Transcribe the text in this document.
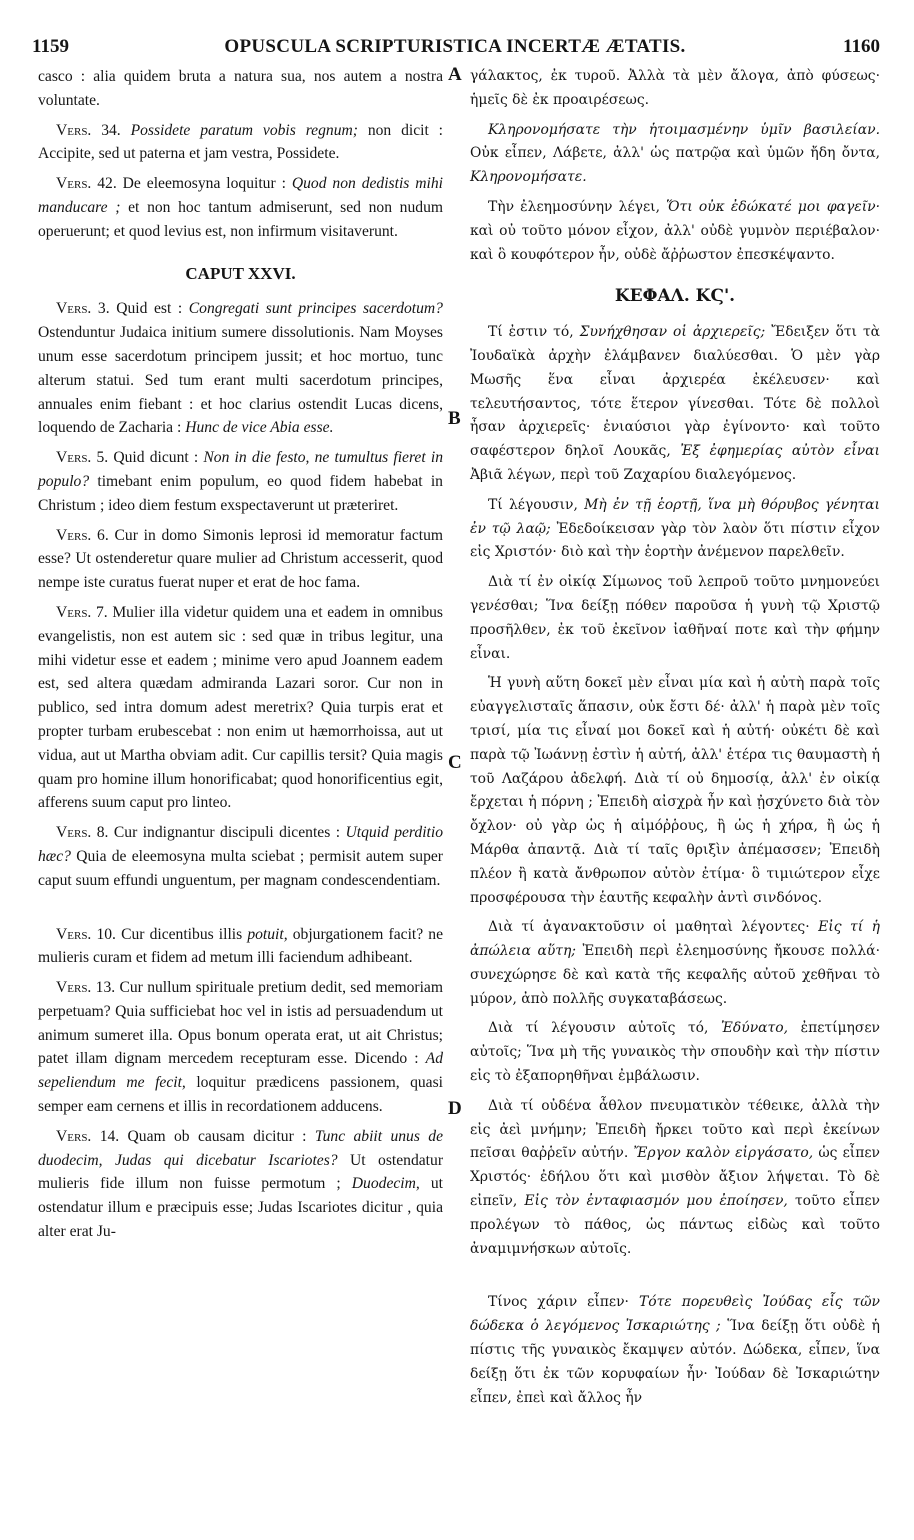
1159	OPUSCULA SCRIPTURISTICA INCERTÆ ÆTATIS.	1160
A
B
C
D

casco : alia quidem bruta a natura sua, nos autem a nostra voluntate.

Vers. 34. Possidete paratum vobis regnum; non dicit : Accipite, sed ut paterna et jam vestra, Possidete.

Vers. 42. De eleemosyna loquitur : Quod non dedistis mihi manducare ; et non hoc tantum admiserunt, sed non nudum operuerunt; et quod levius est, non infirmum visitaverunt.

CAPUT XXVI.

Vers. 3. Quid est : Congregati sunt principes sacerdotum? Ostenduntur Judaica initium sumere dissolutionis. Nam Moyses unum esse sacerdotum principem jussit; et hoc mortuo, tunc alterum statui. Sed tum erant multi sacerdotum principes, annuales enim fiebant : et hoc clarius ostendit Lucas dicens, loquendo de Zacharia : Hunc de vice Abia esse.

Vers. 5. Quid dicunt : Non in die festo, ne tumultus fieret in populo? timebant enim populum, eo quod fidem habebat in Christum ; ideo diem festum exspectaverunt ut præteriret.

Vers. 6. Cur in domo Simonis leprosi id memoratur factum esse? Ut ostenderetur quare mulier ad Christum accesserit, quod nempe iste curatus fuerat nuper et erat de hoc fama.

Vers. 7. Mulier illa videtur quidem una et eadem in omnibus evangelistis, non est autem sic : sed quæ in tribus legitur, una mihi videtur esse et eadem ; minime vero apud Joannem eadem est, sed altera quædam admiranda Lazari soror. Cur non in publico, sed intra domum adest meretrix? Quia turpis erat et propter turbam erubescebat : non enim ut hæmorrhoissa, aut ut vidua, aut ut Martha obviam adit. Cur capillis tersit? Quia magis quam pro homine illum honorificabat; quod honorificentius egit, afferens suum caput pro linteo.

Vers. 8. Cur indignantur discipuli dicentes : Utquid perditio hæc? Quia de eleemosyna multa sciebat ; permisit autem super caput suum effundi unguentum, per magnam condescendentiam.

Vers. 10. Cur dicentibus illis potuit, objurgationem facit? ne mulieris curam et fidem ad metum illi faciendum adhibeant.

Vers. 13. Cur nullum spirituale pretium dedit, sed memoriam perpetuam? Quia sufficiebat hoc vel in istis ad persuadendum ut animum sumeret illa. Opus bonum operata erat, ut ait Christus; patet illam dignam mercedem recepturam esse. Dicendo : Ad sepeliendum me fecit, loquitur prædicens passionem, quasi semper eam cernens et illis in recordationem adducens.

Vers. 14. Quam ob causam dicitur : Tunc abiit unus de duodecim, Judas qui dicebatur Iscariotes? Ut ostendatur mulieris fide illum non fuisse permotum ; Duodecim, ut ostendatur illum e præcipuis esse; Judas Iscariotes dicitur , quia alter erat Ju-

γάλακτος, ἐκ τυροῦ. Ἀλλὰ τὰ μὲν ἄλογα, ἀπὸ φύσεως· ἡμεῖς δὲ ἐκ προαιρέσεως.

Κληρονομήσατε τὴν ἡτοιμασμένην ὑμῖν βασιλείαν. Οὐκ εἶπεν, Λάβετε, ἀλλ' ὡς πατρῷα καὶ ὑμῶν ἤδη ὄντα, Κληρονομήσατε.

Τὴν ἐλεημοσύνην λέγει, Ὅτι οὐκ ἐδώκατέ μοι φαγεῖν· καὶ οὐ τοῦτο μόνον εἶχον, ἀλλ' οὐδὲ γυμνὸν περιέβαλον· καὶ ὃ κουφότερον ἦν, οὐδὲ ἄῤῥωστον ἐπεσκέψαντο.

ΚΕΦΑΛ. ΚϚ'.

Τί ἐστιν τό, Συνήχθησαν οἱ ἀρχιερεῖς; Ἔδειξεν ὅτι τὰ Ἰουδαϊκὰ ἀρχὴν ἐλάμβανεν διαλύεσθαι. Ὁ μὲν γὰρ Μωσῆς ἕνα εἶναι ἀρχιερέα ἐκέλευσεν· καὶ τελευτήσαντος, τότε ἕτερον γίνεσθαι. Τότε δὲ πολλοὶ ἦσαν ἀρχιερεῖς· ἐνιαύσιοι γὰρ ἐγίνοντο· καὶ τοῦτο σαφέστερον δηλοῖ Λουκᾶς, Ἐξ ἐφημερίας αὐτὸν εἶναι Ἀβιᾶ λέγων, περὶ τοῦ Ζαχαρίου διαλεγόμενος.

Τί λέγουσιν, Μὴ ἐν τῇ ἑορτῇ, ἵνα μὴ θόρυβος γένηται ἐν τῷ λαῷ; Ἐδεδοίκεισαν γὰρ τὸν λαὸν ὅτι πίστιν εἶχον εἰς Χριστόν· διὸ καὶ τὴν ἑορτὴν ἀνέμενον παρελθεῖν.

Διὰ τί ἐν οἰκίᾳ Σίμωνος τοῦ λεπροῦ τοῦτο μνημονεύει γενέσθαι; Ἵνα δείξῃ πόθεν παροῦσα ἡ γυνὴ τῷ Χριστῷ προσῆλθεν, ἐκ τοῦ ἐκεῖνον ἰαθῆναί ποτε καὶ τὴν φήμην εἶναι.

Ἡ γυνὴ αὕτη δοκεῖ μὲν εἶναι μία καὶ ἡ αὐτὴ παρὰ τοῖς εὐαγγελισταῖς ἅπασιν, οὐκ ἔστι δέ· ἀλλ' ἡ παρὰ μὲν τοῖς τρισί, μία τις εἶναί μοι δοκεῖ καὶ ἡ αὐτή· οὐκέτι δὲ καὶ παρὰ τῷ Ἰωάννῃ ἐστὶν ἡ αὐτή, ἀλλ' ἑτέρα τις θαυμαστὴ ἡ τοῦ Λαζάρου ἀδελφή. Διὰ τί οὐ δημοσίᾳ, ἀλλ' ἐν οἰκίᾳ ἔρχεται ἡ πόρνη ; Ἐπειδὴ αἰσχρὰ ἦν καὶ ᾐσχύνετο διὰ τὸν ὄχλον· οὐ γὰρ ὡς ἡ αἱμόῤῥους, ἢ ὡς ἡ χήρα, ἢ ὡς ἡ Μάρθα ἀπαντᾷ. Διὰ τί ταῖς θριξὶν ἀπέμασσεν; Ἐπειδὴ πλέον ἢ κατὰ ἄνθρωπον αὐτὸν ἐτίμα· ὃ τιμιώτερον εἶχε προσφέρουσα τὴν ἑαυτῆς κεφαλὴν ἀντὶ σινδόνος.

Διὰ τί ἀγανακτοῦσιν οἱ μαθηταὶ λέγοντες· Εἰς τί ἡ ἀπώλεια αὕτη; Ἐπειδὴ περὶ ἐλεημοσύνης ἤκουσε πολλά· συνεχώρησε δὲ καὶ κατὰ τῆς κεφαλῆς αὐτοῦ χεθῆναι τὸ μύρον, ἀπὸ πολλῆς συγκαταβάσεως.

Διὰ τί λέγουσιν αὐτοῖς τό, Ἐδύνατο, ἐπετίμησεν αὐτοῖς; Ἵνα μὴ τῆς γυναικὸς τὴν σπουδὴν καὶ τὴν πίστιν εἰς τὸ ἐξαπορηθῆναι ἐμβάλωσιν.

Διὰ τί οὐδένα ἆθλον πνευματικὸν τέθεικε, ἀλλὰ τὴν εἰς ἀεὶ μνήμην; Ἐπειδὴ ἤρκει τοῦτο καὶ περὶ ἐκείνων πεῖσαι θαῤῥεῖν αὐτήν. Ἔργον καλὸν εἰργάσατο, ὡς εἶπεν Χριστός· ἐδήλου ὅτι καὶ μισθὸν ἄξιον λήψεται. Τὸ δὲ εἰπεῖν, Εἰς τὸν ἐνταφιασμόν μου ἐποίησεν, τοῦτο εἶπεν προλέγων τὸ πάθος, ὡς πάντως εἰδὼς καὶ τοῦτο ἀναμιμνήσκων αὐτοῖς.

Τίνος χάριν εἶπεν· Τότε πορευθεὶς Ἰούδας εἷς τῶν δώδεκα ὁ λεγόμενος Ἰσκαριώτης ; Ἵνα δείξῃ ὅτι οὐδὲ ἡ πίστις τῆς γυναικὸς ἔκαμψεν αὐτόν. Δώδεκα, εἶπεν, ἵνα δείξῃ ὅτι ἐκ τῶν κορυφαίων ἦν· Ἰούδαν δὲ Ἰσκαριώτην εἶπεν, ἐπεὶ καὶ ἄλλος ἦν
